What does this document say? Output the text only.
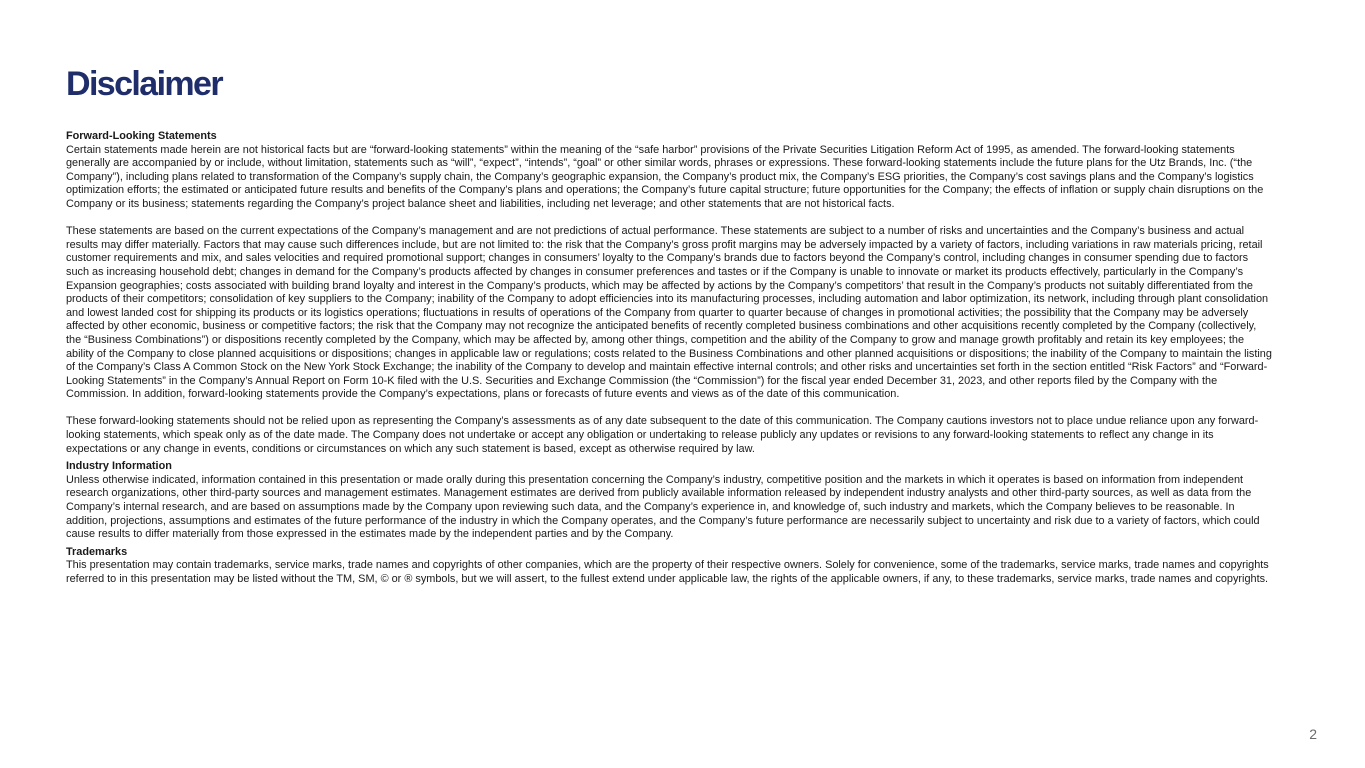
Disclaimer
Forward-Looking Statements

Certain statements made herein are not historical facts but are “forward-looking statements” within the meaning of the “safe harbor” provisions of the Private Securities Litigation Reform Act of 1995, as amended. The forward-looking statements generally are accompanied by or include, without limitation, statements such as “will”, “expect”, “intends”, “goal” or other similar words, phrases or expressions. These forward-looking statements include the future plans for the Utz Brands, Inc. (“the Company”), including plans related to transformation of the Company’s supply chain, the Company’s geographic expansion, the Company’s product mix, the Company’s ESG priorities, the Company’s cost savings plans and the Company’s logistics optimization efforts; the estimated or anticipated future results and benefits of the Company’s plans and operations; the Company’s future capital structure; future opportunities for the Company; the effects of inflation or supply chain disruptions on the Company or its business; statements regarding the Company’s project balance sheet and liabilities, including net leverage; and other statements that are not historical facts.

These statements are based on the current expectations of the Company’s management and are not predictions of actual performance. These statements are subject to a number of risks and uncertainties and the Company’s business and actual results may differ materially. Factors that may cause such differences include, but are not limited to: the risk that the Company’s gross profit margins may be adversely impacted by a variety of factors, including variations in raw materials pricing, retail customer requirements and mix, and sales velocities and required promotional support; changes in consumers’ loyalty to the Company’s brands due to factors beyond the Company’s control, including changes in consumer spending due to factors such as increasing household debt; changes in demand for the Company’s products affected by changes in consumer preferences and tastes or if the Company is unable to innovate or market its products effectively, particularly in the Company’s Expansion geographies; costs associated with building brand loyalty and interest in the Company’s products, which may be affected by actions by the Company’s competitors’ that result in the Company’s products not suitably differentiated from the products of their competitors; consolidation of key suppliers to the Company; inability of the Company to adopt efficiencies into its manufacturing processes, including automation and labor optimization, its network, including through plant consolidation and lowest landed cost for shipping its products or its logistics operations; fluctuations in results of operations of the Company from quarter to quarter because of changes in promotional activities; the possibility that the Company may be adversely affected by other economic, business or competitive factors; the risk that the Company may not recognize the anticipated benefits of recently completed business combinations and other acquisitions recently completed by the Company (collectively, the “Business Combinations”) or dispositions recently completed by the Company, which may be affected by, among other things, competition and the ability of the Company to grow and manage growth profitably and retain its key employees; the ability of the Company to close planned acquisitions or dispositions; changes in applicable law or regulations; costs related to the Business Combinations and other planned acquisitions or dispositions; the inability of the Company to maintain the listing of the Company’s Class A Common Stock on the New York Stock Exchange; the inability of the Company to develop and maintain effective internal controls; and other risks and uncertainties set forth in the section entitled “Risk Factors” and “Forward-Looking Statements” in the Company’s Annual Report on Form 10-K filed with the U.S. Securities and Exchange Commission (the “Commission”) for the fiscal year ended December 31, 2023, and other reports filed by the Company with the Commission. In addition, forward-looking statements provide the Company’s expectations, plans or forecasts of future events and views as of the date of this communication.

These forward-looking statements should not be relied upon as representing the Company’s assessments as of any date subsequent to the date of this communication. The Company cautions investors not to place undue reliance upon any forward-looking statements, which speak only as of the date made. The Company does not undertake or accept any obligation or undertaking to release publicly any updates or revisions to any forward-looking statements to reflect any change in its expectations or any change in events, conditions or circumstances on which any such statement is based, except as otherwise required by law.

Industry Information

Unless otherwise indicated, information contained in this presentation or made orally during this presentation concerning the Company’s industry, competitive position and the markets in which it operates is based on information from independent research organizations, other third-party sources and management estimates. Management estimates are derived from publicly available information released by independent industry analysts and other third-party sources, as well as data from the Company’s internal research, and are based on assumptions made by the Company upon reviewing such data, and the Company’s experience in, and knowledge of, such industry and markets, which the Company believes to be reasonable. In addition, projections, assumptions and estimates of the future performance of the industry in which the Company operates, and the Company’s future performance are necessarily subject to uncertainty and risk due to a variety of factors, which could cause results to differ materially from those expressed in the estimates made by the independent parties and by the Company.

Trademarks

This presentation may contain trademarks, service marks, trade names and copyrights of other companies, which are the property of their respective owners. Solely for convenience, some of the trademarks, service marks, trade names and copyrights referred to in this presentation may be listed without the TM, SM, © or ® symbols, but we will assert, to the fullest extend under applicable law, the rights of the applicable owners, if any, to these trademarks, service marks, trade names and copyrights.

2
